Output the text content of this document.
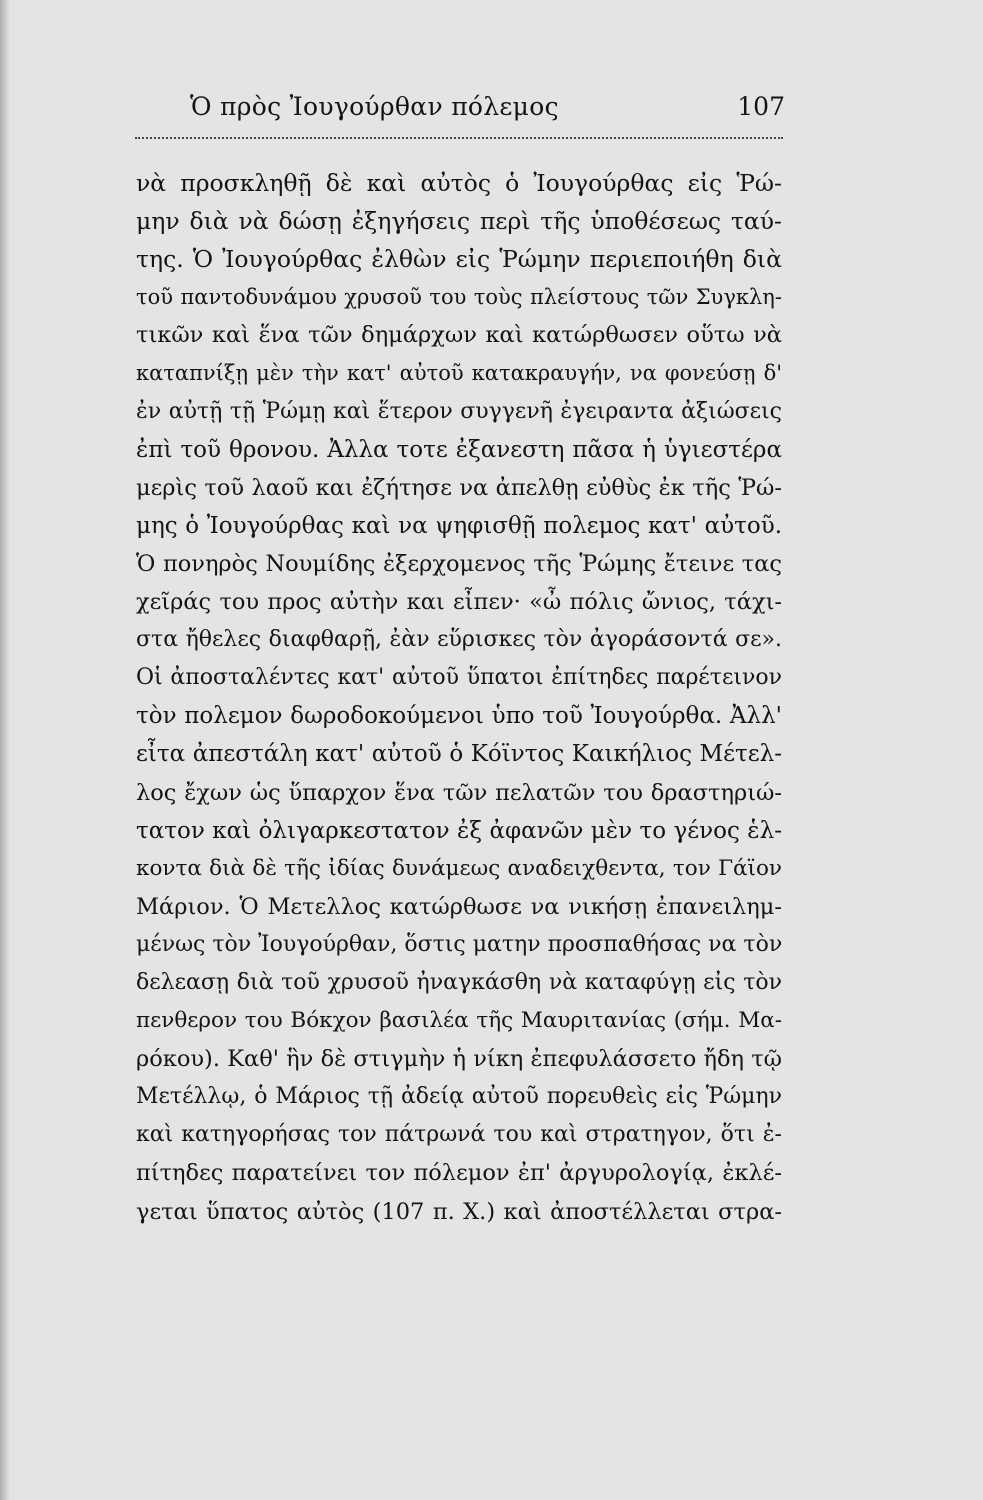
Ὁ πρὸς Ἰουγούρθαν πόλεμος	107
νὰ προσκληθῇ δὲ καὶ αὐτὸς ὁ Ἰουγούρθας εἰς Ῥώ-
μην διὰ νὰ δώσῃ ἐξηγήσεις περὶ τῆς ὑποθέσεως ταύ-
της. Ὁ Ἰουγούρθας ἐλθὼν εἰς Ῥώμην περιεποιήθη διὰ
τοῦ παντοδυνάμου χρυσοῦ του τοὺς πλείστους τῶν Συγκλη-
τικῶν καὶ ἕνα τῶν δημάρχων καὶ κατώρθωσεν οὕτω νὰ
καταπνίξῃ μὲν τὴν κατ' αὐτοῦ κατακραυγήν, να φονεύσῃ δ'
ἐν αὐτῇ τῇ Ῥώμῃ καὶ ἕτερον συγγενῆ ἐγειραντα ἀξιώσεις
ἐπὶ τοῦ θρονου. Ἀλλα τοτε ἐξανεστη πᾶσα ἡ ὑγιεστέρα
μερὶς τοῦ λαοῦ και ἐζήτησε να ἀπελθῃ εὐθὺς ἐκ τῆς Ῥώ-
μης ὁ Ἰουγούρθας καὶ να ψηφισθῇ πολεμος κατ' αὐτοῦ.
Ὁ πονηρὸς Νουμίδης ἐξερχομενος τῆς Ῥώμης ἔτεινε τας
χεῖράς του προς αὐτὴν και εἶπεν· «ὦ πόλις ὤνιος, τάχι-
στα ἤθελες διαφθαρῇ, ἐὰν εὕρισκες τὸν ἀγοράσοντά σε».
Οἱ ἀποσταλέντες κατ' αὐτοῦ ὕπατοι ἐπίτηδες παρέτεινον
τὸν πολεμον δωροδοκούμενοι ὑπο τοῦ Ἰουγούρθα. Ἀλλ'
εἶτα ἀπεστάλη κατ' αὐτοῦ ὁ Κόϊντος Καικήλιος Μέτελ-
λος ἔχων ὡς ὕπαρχον ἕνα τῶν πελατῶν του δραστηριώ-
τατον καὶ ὀλιγαρκεστατον ἐξ ἀφανῶν μὲν το γένος ἑλ-
κοντα διὰ δὲ τῆς ἰδίας δυνάμεως αναδειχθεντα, τον Γάϊον
Μάριον. Ὁ Μετελλος κατώρθωσε να νικήσῃ ἐπανειλημ-
μένως τὸν Ἰουγούρθαν, ὅστις ματην προσπαθήσας να τὸν
δελεασῃ διὰ τοῦ χρυσοῦ ἠναγκάσθη νὰ καταφύγῃ εἰς τὸν
πενθερον του Βόκχον βασιλέα τῆς Μαυριτανίας (σήμ. Μα-
ρόκου). Καθ' ἣν δὲ στιγμὴν ἡ νίκη ἐπεφυλάσσετο ἤδη τῷ
Μετέλλῳ, ὁ Μάριος τῇ ἀδείᾳ αὐτοῦ πορευθεὶς εἰς Ῥώμην
καὶ κατηγορήσας τον πάτρωνά του καὶ στρατηγον, ὅτι ἐ-
πίτηδες παρατείνει τον πόλεμον ἐπ' ἀργυρολογίᾳ, ἐκλέ-
γεται ὕπατος αὐτὸς (107 π. Χ.) καὶ ἀποστέλλεται στρα-
